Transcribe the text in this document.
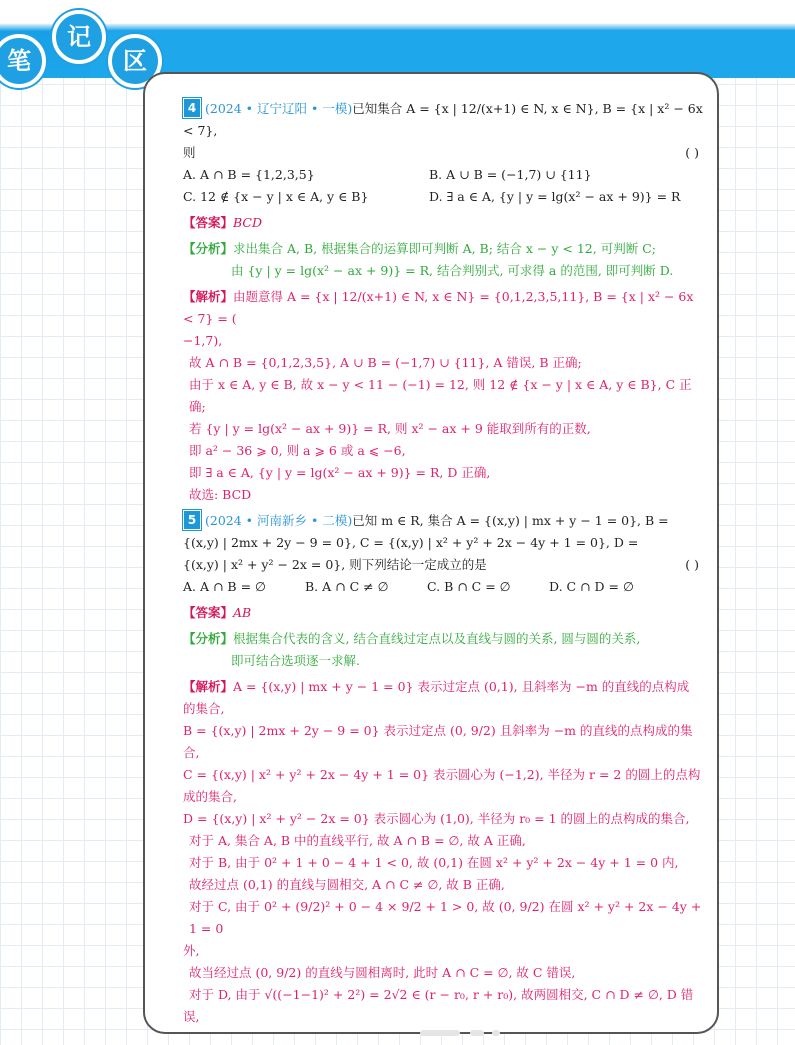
笔
记
区
4 (2024 • 辽宁辽阳 • 一模)已知集合 A = {x | 12/(x+1) ∈ N, x ∈ N}, B = {x | x² − 6x < 7},
则	( )
A. A ∩ B = {1,2,3,5}	B. A ∪ B = (−1,7) ∪ {11}
C. 12 ∉ {x − y | x ∈ A, y ∈ B}	D. ∃ a ∈ A, {y | y = lg(x² − ax + 9)} = R
【答案】BCD
【分析】求出集合 A, B, 根据集合的运算即可判断 A, B; 结合 x − y < 12, 可判断 C;
由 {y | y = lg(x² − ax + 9)} = R, 结合判别式, 可求得 a 的范围, 即可判断 D.
【解析】由题意得 A = {x | 12/(x+1) ∈ N, x ∈ N} = {0,1,2,3,5,11}, B = {x | x² − 6x < 7} = (
−1,7),
故 A ∩ B = {0,1,2,3,5}, A ∪ B = (−1,7) ∪ {11}, A 错误, B 正确;
由于 x ∈ A, y ∈ B, 故 x − y < 11 − (−1) = 12, 则 12 ∉ {x − y | x ∈ A, y ∈ B}, C 正确;
若 {y | y = lg(x² − ax + 9)} = R, 则 x² − ax + 9 能取到所有的正数,
即 a² − 36 ⩾ 0, 则 a ⩾ 6 或 a ⩽ −6,
即 ∃ a ∈ A, {y | y = lg(x² − ax + 9)} = R, D 正确,
故选: BCD
5 (2024 • 河南新乡 • 二模)已知 m ∈ R, 集合 A = {(x,y) | mx + y − 1 = 0}, B =
{(x,y) | 2mx + 2y − 9 = 0}, C = {(x,y) | x² + y² + 2x − 4y + 1 = 0}, D =
{(x,y) | x² + y² − 2x = 0}, 则下列结论一定成立的是	( )
A. A ∩ B = ∅	B. A ∩ C ≠ ∅	C. B ∩ C = ∅	D. C ∩ D = ∅
【答案】AB
【分析】根据集合代表的含义, 结合直线过定点以及直线与圆的关系, 圆与圆的关系,
即可结合选项逐一求解.
【解析】A = {(x,y) | mx + y − 1 = 0} 表示过定点 (0,1), 且斜率为 −m 的直线的点构成
的集合,
B = {(x,y) | 2mx + 2y − 9 = 0} 表示过定点 (0, 9/2) 且斜率为 −m 的直线的点构成的集
合,
C = {(x,y) | x² + y² + 2x − 4y + 1 = 0} 表示圆心为 (−1,2), 半径为 r = 2 的圆上的点构
成的集合,
D = {(x,y) | x² + y² − 2x = 0} 表示圆心为 (1,0), 半径为 r₀ = 1 的圆上的点构成的集合,
对于 A, 集合 A, B 中的直线平行, 故 A ∩ B = ∅, 故 A 正确,
对于 B, 由于 0² + 1 + 0 − 4 + 1 < 0, 故 (0,1) 在圆 x² + y² + 2x − 4y + 1 = 0 内,
故经过点 (0,1) 的直线与圆相交, A ∩ C ≠ ∅, 故 B 正确,
对于 C, 由于 0² + (9/2)² + 0 − 4 × 9/2 + 1 > 0, 故 (0, 9/2) 在圆 x² + y² + 2x − 4y + 1 = 0
外,
故当经过点 (0, 9/2) 的直线与圆相离时, 此时 A ∩ C = ∅, 故 C 错误,
对于 D, 由于 √((−1−1)² + 2²) = 2√2 ∈ (r − r₀, r + r₀), 故两圆相交, C ∩ D ≠ ∅, D 错
误,
